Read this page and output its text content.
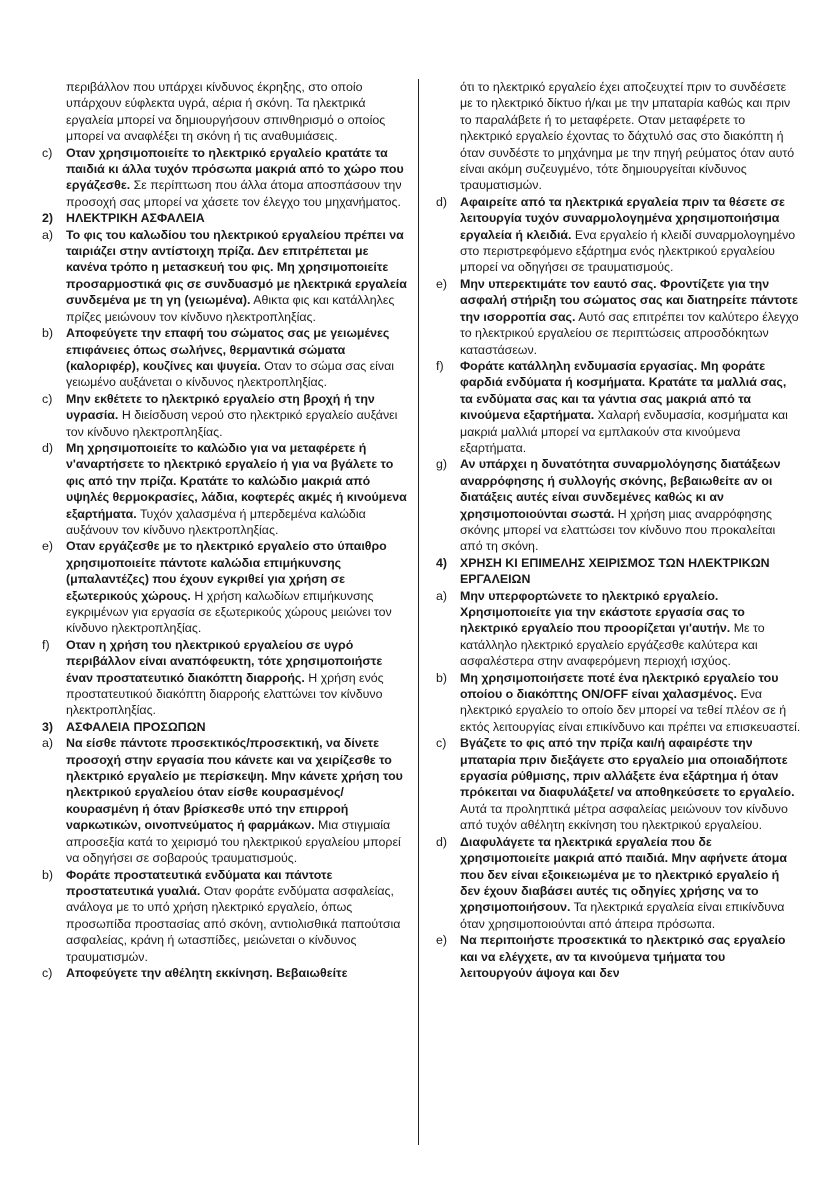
περιβάλλον που υπάρχει κίνδυνος έκρηξης, στο οποίο υπάρχουν εύφλεκτα υγρά, αέρια ή σκόνη. Τα ηλεκτρικά εργαλεία μπορεί να δημιουργήσουν σπινθηρισμό ο οποίος μπορεί να αναφλέξει τη σκόνη ή τις αναθυμιάσεις.
c) Οταν χρησιμοποιείτε το ηλεκτρικό εργαλείο κρατάτε τα παιδιά κι άλλα τυχόν πρόσωπα μακριά από το χώρο που εργάζεσθε. Σε περίπτωση που άλλα άτομα αποσπάσουν την προσοχή σας μπορεί να χάσετε τον έλεγχο του μηχανήματος.
2) ΗΛΕΚΤΡΙΚΗ ΑΣΦΑΛΕΙΑ
a) Το φις του καλωδίου του ηλεκτρικού εργαλείου πρέπει να ταιριάζει στην αντίστοιχη πρίζα. Δεν επιτρέπεται με κανένα τρόπο η μετασκευή του φις. Μη χρησιμοποιείτε προσαρμοστικά φις σε συνδυασμό με ηλεκτρικά εργαλεία συνδεμένα με τη γη (γειωμένα). Αθικτα φις και κατάλληλες πρίζες μειώνουν τον κίνδυνο ηλεκτροπληξίας.
b) Αποφεύγετε την επαφή του σώματος σας με γειωμένες επιφάνειες όπως σωλήνες, θερμαντικά σώματα (καλοριφέρ), κουζίνες και ψυγεία. Οταν το σώμα σας είναι γειωμένο αυξάνεται ο κίνδυνος ηλεκτροπληξίας.
c) Μην εκθέτετε το ηλεκτρικό εργαλείο στη βροχή ή την υγρασία. Η διείσδυση νερού στο ηλεκτρικό εργαλείο αυξάνει τον κίνδυνο ηλεκτροπληξίας.
d) Μη χρησιμοποιείτε το καλώδιο για να μεταφέρετε ή ν'αναρτήσετε το ηλεκτρικό εργαλείο ή για να βγάλετε το φις από την πρίζα. Κρατάτε το καλώδιο μακριά από υψηλές θερμοκρασίες, λάδια, κοφτερές ακμές ή κινούμενα εξαρτήματα. Τυχόν χαλασμένα ή μπερδεμένα καλώδια αυξάνουν τον κίνδυνο ηλεκτροπληξίας.
e) Οταν εργάζεσθε με το ηλεκτρικό εργαλείο στο ύπαιθρο χρησιμοποιείτε πάντοτε καλώδια επιμήκυνσης (μπαλαντέζες) που έχουν εγκριθεί για χρήση σε εξωτερικούς χώρους. Η χρήση καλωδίων επιμήκυνσης εγκριμένων για εργασία σε εξωτερικούς χώρους μειώνει τον κίνδυνο ηλεκτροπληξίας.
f) Οταν η χρήση του ηλεκτρικού εργαλείου σε υγρό περιβάλλον είναι αναπόφευκτη, τότε χρησιμοποιήστε έναν προστατευτικό διακόπτη διαρροής. Η χρήση ενός προστατευτικού διακόπτη διαρροής ελαττώνει τον κίνδυνο ηλεκτροπληξίας.
3) ΑΣΦΑΛΕΙΑ ΠΡΟΣΩΠΩΝ
a) Να είσθε πάντοτε προσεκτικός/προσεκτική, να δίνετε προσοχή στην εργασία που κάνετε και να χειρίζεσθε το ηλεκτρικό εργαλείο με περίσκεψη. Μην κάνετε χρήση του ηλεκτρικού εργαλείου όταν είσθε κουρασμένος/κουρασμένη ή όταν βρίσκεσθε υπό την επιρροή ναρκωτικών, οινοπνεύματος ή φαρμάκων. Μια στιγμιαία απροσεξία κατά το χειρισμό του ηλεκτρικού εργαλείου μπορεί να οδηγήσει σε σοβαρούς τραυματισμούς.
b) Φοράτε προστατευτικά ενδύματα και πάντοτε προστατευτικά γυαλιά. Οταν φοράτε ενδύματα ασφαλείας, ανάλογα με το υπό χρήση ηλεκτρικό εργαλείο, όπως προσωπίδα προστασίας από σκόνη, αντιολισθικά παπούτσια ασφαλείας, κράνη ή ωτασπίδες, μειώνεται ο κίνδυνος τραυματισμών.
c) Αποφεύγετε την αθέλητη εκκίνηση. Βεβαιωθείτε
ότι το ηλεκτρικό εργαλείο έχει αποζευχτεί πριν το συνδέσετε με το ηλεκτρικό δίκτυο ή/και με την μπαταρία καθώς και πριν το παραλάβετε ή το μεταφέρετε. Οταν μεταφέρετε το ηλεκτρικό εργαλείο έχοντας το δάχτυλό σας στο διακόπτη ή όταν συνδέστε το μηχάνημα με την πηγή ρεύματος όταν αυτό είναι ακόμη συζευγμένο, τότε δημιουργείται κίνδυνος τραυματισμών.
d) Αφαιρείτε από τα ηλεκτρικά εργαλεία πριν τα θέσετε σε λειτουργία τυχόν συναρμολογημένα χρησιμοποιήσιμα εργαλεία ή κλειδιά. Ενα εργαλείο ή κλειδί συναρμολογημένο στο περιστρεφόμενο εξάρτημα ενός ηλεκτρικού εργαλείου μπορεί να οδηγήσει σε τραυματισμούς.
e) Μην υπερεκτιμάτε τον εαυτό σας. Φροντίζετε για την ασφαλή στήριξη του σώματος σας και διατηρείτε πάντοτε την ισορροπία σας. Αυτό σας επιτρέπει τον καλύτερο έλεγχο το ηλεκτρικού εργαλείου σε περιπτώσεις απροσδόκητων καταστάσεων.
f) Φοράτε κατάλληλη ενδυμασία εργασίας. Μη φοράτε φαρδιά ενδύματα ή κοσμήματα. Κρατάτε τα μαλλιά σας, τα ενδύματα σας και τα γάντια σας μακριά από τα κινούμενα εξαρτήματα. Χαλαρή ενδυμασία, κοσμήματα και μακριά μαλλιά μπορεί να εμπλακούν στα κινούμενα εξαρτήματα.
g) Αν υπάρχει η δυνατότητα συναρμολόγησης διατάξεων αναρρόφησης ή συλλογής σκόνης, βεβαιωθείτε αν οι διατάξεις αυτές είναι συνδεμένες καθώς κι αν χρησιμοποιούνται σωστά. Η χρήση μιας αναρρόφησης σκόνης μπορεί να ελαττώσει τον κίνδυνο που προκαλείται από τη σκόνη.
4) ΧΡΗΣΗ ΚΙ ΕΠΙΜΕΛΗΣ ΧΕΙΡΙΣΜΟΣ ΤΩΝ ΗΛΕΚΤΡΙΚΩΝ ΕΡΓΑΛΕΙΩΝ
a) Μην υπερφορτώνετε το ηλεκτρικό εργαλείο. Χρησιμοποιείτε για την εκάστοτε εργασία σας το ηλεκτρικό εργαλείο που προορίζεται γι'αυτήν. Με το κατάλληλο ηλεκτρικό εργαλείο εργάζεσθε καλύτερα και ασφαλέστερα στην αναφερόμενη περιοχή ισχύος.
b) Μη χρησιμοποιήσετε ποτέ ένα ηλεκτρικό εργαλείο του οποίου ο διακόπτης ON/OFF είναι χαλασμένος. Ενα ηλεκτρικό εργαλείο το οποίο δεν μπορεί να τεθεί πλέον σε ή εκτός λειτουργίας είναι επικίνδυνο και πρέπει να επισκευαστεί.
c) Βγάζετε το φις από την πρίζα και/ή αφαιρέστε την μπαταρία πριν διεξάγετε στο εργαλείο μια οποιαδήποτε εργασία ρύθμισης, πριν αλλάξετε ένα εξάρτημα ή όταν πρόκειται να διαφυλάξετε/ να αποθηκεύσετε το εργαλείο. Αυτά τα προληπτικά μέτρα ασφαλείας μειώνουν τον κίνδυνο από τυχόν αθέλητη εκκίνηση του ηλεκτρικού εργαλείου.
d) Διαφυλάγετε τα ηλεκτρικά εργαλεία που δε χρησιμοποιείτε μακριά από παιδιά. Μην αφήνετε άτομα που δεν είναι εξοικειωμένα με το ηλεκτρικό εργαλείο ή δεν έχουν διαβάσει αυτές τις οδηγίες χρήσης να το χρησιμοποιήσουν. Τα ηλεκτρικά εργαλεία είναι επικίνδυνα όταν χρησιμοποιούνται από άπειρα πρόσωπα.
e) Να περιποιήστε προσεκτικά το ηλεκτρικό σας εργαλείο και να ελέγχετε, αν τα κινούμενα τμήματα του λειτουργούν άψογα και δεν
